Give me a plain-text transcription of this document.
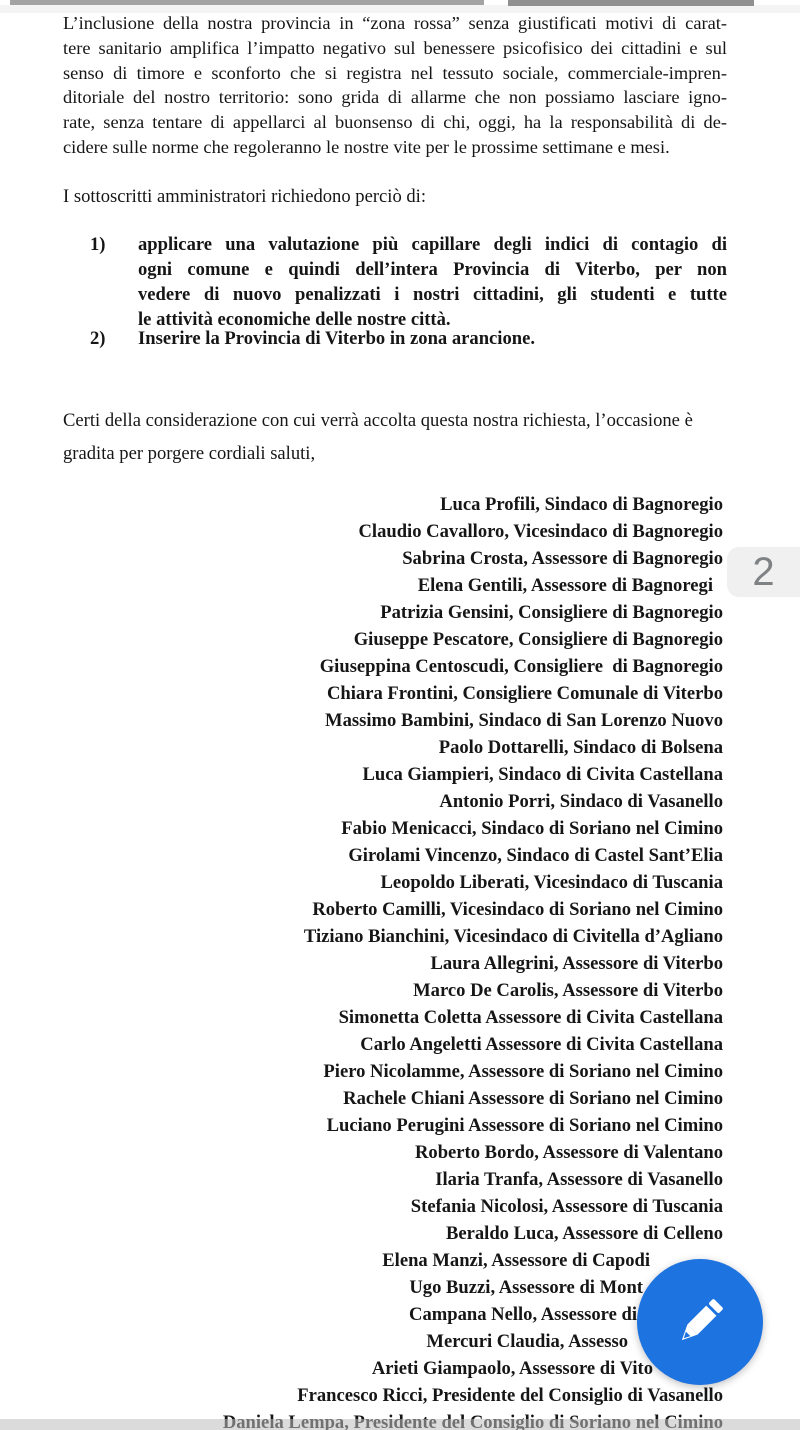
L’inclusione della nostra provincia in “zona rossa” senza giustificati motivi di carat-
tere sanitario amplifica l’impatto negativo sul benessere psicofisico dei cittadini e sul
senso di timore e sconforto che si registra nel tessuto sociale, commerciale-impren-
ditoriale del nostro territorio: sono grida di allarme che non possiamo lasciare igno-
rate, senza tentare di appellarci al buonsenso di chi, oggi, ha la responsabilità di de-
cidere sulle norme che regoleranno le nostre vite per le prossime settimane e mesi.
I sottoscritti amministratori richiedono perciò di:
1)	applicare una valutazione più capillare degli indici di contagio di
ogni comune e quindi dell’intera Provincia di Viterbo, per non
vedere di nuovo penalizzati i nostri cittadini, gli studenti e tutte
le attività economiche delle nostre città.
2)	Inserire la Provincia di Viterbo in zona arancione.
Certi della considerazione con cui verrà accolta questa nostra richiesta, l’occasione è
gradita per porgere cordiali saluti,
Luca Profili, Sindaco di Bagnoregio
Claudio Cavalloro, Vicesindaco di Bagnoregio
Sabrina Crosta, Assessore di Bagnoregio
Elena Gentili, Assessore di Bagnoregi
Patrizia Gensini, Consigliere di Bagnoregio
Giuseppe Pescatore, Consigliere di Bagnoregio
Giuseppina Centoscudi, Consigliere  di Bagnoregio
Chiara Frontini, Consigliere Comunale di Viterbo
Massimo Bambini, Sindaco di San Lorenzo Nuovo
Paolo Dottarelli, Sindaco di Bolsena
Luca Giampieri, Sindaco di Civita Castellana
Antonio Porri, Sindaco di Vasanello
Fabio Menicacci, Sindaco di Soriano nel Cimino
Girolami Vincenzo, Sindaco di Castel Sant’Elia
Leopoldo Liberati, Vicesindaco di Tuscania
Roberto Camilli, Vicesindaco di Soriano nel Cimino
Tiziano Bianchini, Vicesindaco di Civitella d’Agliano
Laura Allegrini, Assessore di Viterbo
Marco De Carolis, Assessore di Viterbo
Simonetta Coletta Assessore di Civita Castellana
Carlo Angeletti Assessore di Civita Castellana
Piero Nicolamme, Assessore di Soriano nel Cimino
Rachele Chiani Assessore di Soriano nel Cimino
Luciano Perugini Assessore di Soriano nel Cimino
Roberto Bordo, Assessore di Valentano
Ilaria Tranfa, Assessore di Vasanello
Stefania Nicolosi, Assessore di Tuscania
Beraldo Luca, Assessore di Celleno
Elena Manzi, Assessore di Capodi
Ugo Buzzi, Assessore di Mont
Campana Nello, Assessore di
Mercuri Claudia, Assesso
Arieti Giampaolo, Assessore di Vito
Francesco Ricci, Presidente del Consiglio di Vasanello
2
